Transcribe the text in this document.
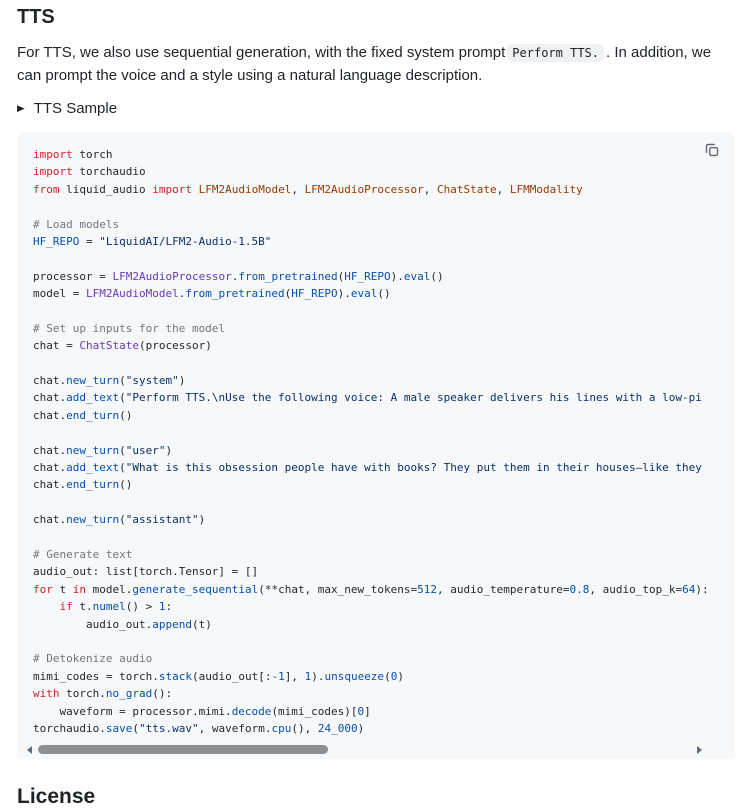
TTS

For TTS, we also use sequential generation, with the fixed system prompt Perform TTS. . In addition, we can prompt the voice and a style using a natural language description.

▶ TTS Sample
import torch
import torchaudio
from liquid_audio import LFM2AudioModel, LFM2AudioProcessor, ChatState, LFMModality
# Load models
HF_REPO = "LiquidAI/LFM2-Audio-1.5B"
processor = LFM2AudioProcessor.from_pretrained(HF_REPO).eval()
model = LFM2AudioModel.from_pretrained(HF_REPO).eval()
# Set up inputs for the model
chat = ChatState(processor)
chat.new_turn("system")
chat.add_text("Perform TTS.\nUse the following voice: A male speaker delivers his lines with a low-pi
chat.end_turn()
chat.new_turn("user")
chat.add_text("What is this obsession people have with books? They put them in their houses—like they
chat.end_turn()
chat.new_turn("assistant")
# Generate text
audio_out: list[torch.Tensor] = []
for t in model.generate_sequential(**chat, max_new_tokens=512, audio_temperature=0.8, audio_top_k=64):
if t.numel() > 1:
audio_out.append(t)
# Detokenize audio
mimi_codes = torch.stack(audio_out[:-1], 1).unsqueeze(0)
with torch.no_grad():
waveform = processor.mimi.decode(mimi_codes)[0]
torchaudio.save("tts.wav", waveform.cpu(), 24_000)
License
